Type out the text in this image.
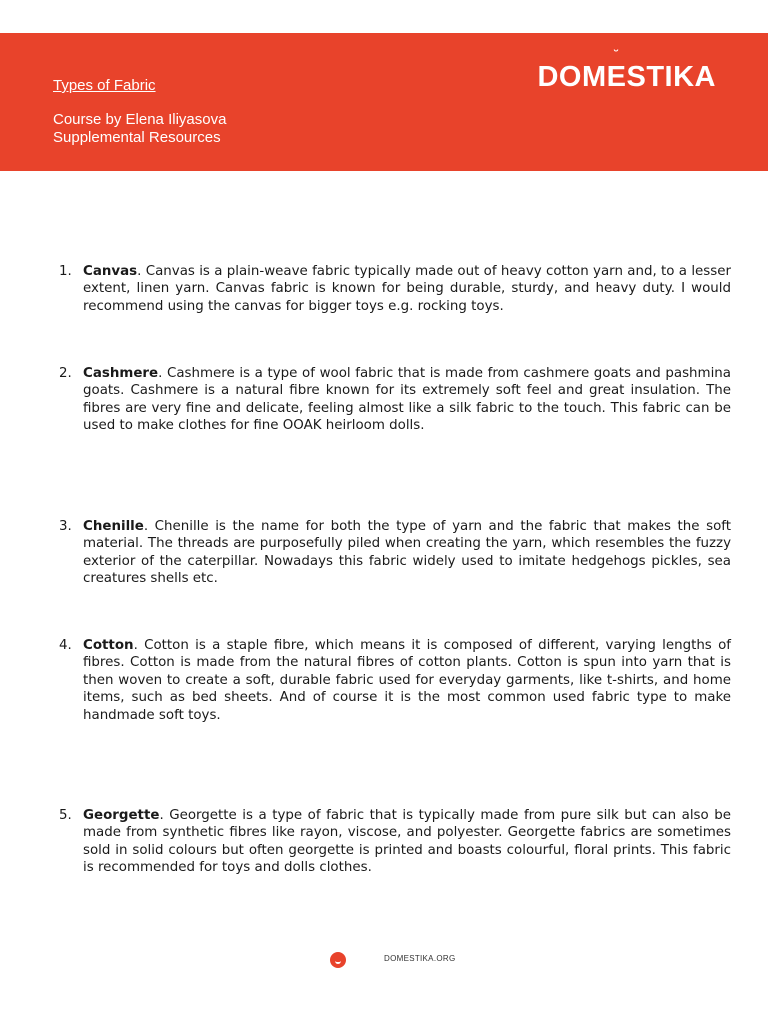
Types of Fabric
Course by Elena Iliyasova
Supplemental Resources
DOM
˘
ESTIKA
1. Canvas. Canvas is a plain-weave fabric typically made out of heavy cotton yarn and, to a lesser extent, linen yarn. Canvas fabric is known for being durable, sturdy, and heavy duty. I would recommend using the canvas for bigger toys e.g. rocking toys.
2. Cashmere. Cashmere is a type of wool fabric that is made from cashmere goats and pashmina goats. Cashmere is a natural fibre known for its extremely soft feel and great insulation. The fibres are very fine and delicate, feeling almost like a silk fabric to the touch. This fabric can be used to make clothes for fine OOAK heirloom dolls.
3. Chenille. Chenille is the name for both the type of yarn and the fabric that makes the soft material. The threads are purposefully piled when creating the yarn, which resembles the fuzzy exterior of the caterpillar. Nowadays this fabric widely used to imitate hedgehogs pickles, sea creatures shells etc.
4. Cotton. Cotton is a staple fibre, which means it is composed of different, varying lengths of fibres. Cotton is made from the natural fibres of cotton plants. Cotton is spun into yarn that is then woven to create a soft, durable fabric used for everyday garments, like t-shirts, and home items, such as bed sheets. And of course it is the most common used fabric type to make handmade soft toys.
5. Georgette. Georgette is a type of fabric that is typically made from pure silk but can also be made from synthetic fibres like rayon, viscose, and polyester. Georgette fabrics are sometimes sold in solid colours but often georgette is printed and boasts colourful, floral prints. This fabric is recommended for toys and dolls clothes.
DOMESTIKA.ORG
